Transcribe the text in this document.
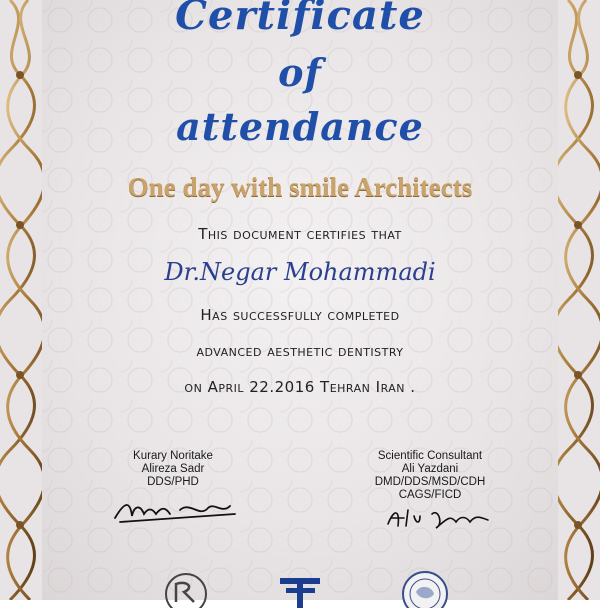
Certificate
of
attendance
One day with smile Architects
This document certifies that
Dr.Negar Mohammadi
Has successfully completed
advanced aesthetic dentistry
on April 22.2016 Tehran Iran .
Kurary Noritake
Alireza Sadr
DDS/PHD
Scientific Consultant
Ali Yazdani
DMD/DDS/MSD/CDH
CAGS/FICD
